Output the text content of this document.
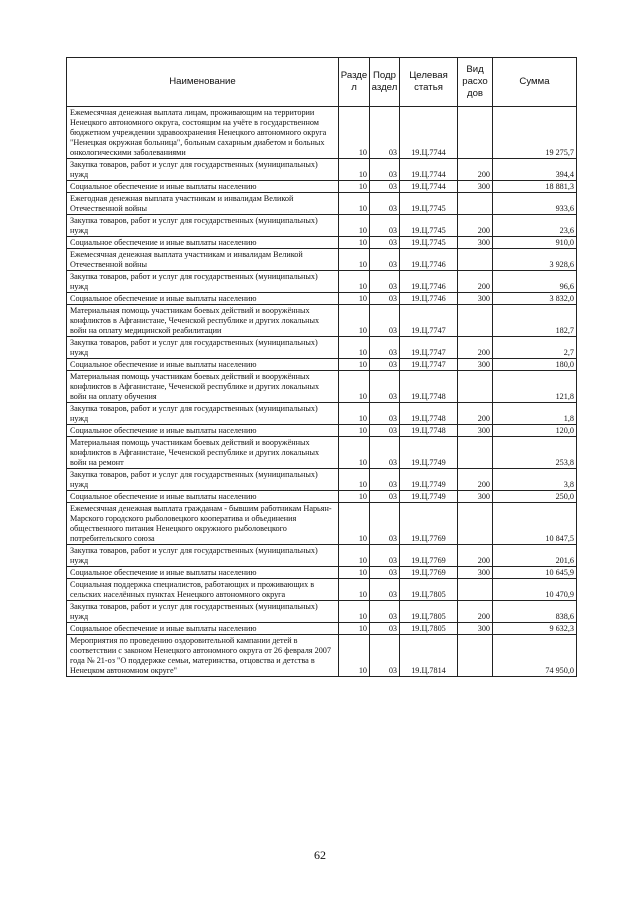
Наименование	Разде л	Подр аздел	Целевая статья	Вид расхо дов	Сумма
Ежемесячная денежная выплата лицам, проживающим на территории Ненецкого автономного округа, состоящим на учёте в государственном бюджетном учреждении здравоохранения Ненецкого автономного округа "Ненецкая окружная больница", больным сахарным диабетом и больных онкологическими заболеваниями	10	03	19.Ц.7744		19 275,7
Закупка товаров, работ и услуг для государственных (муниципальных) нужд	10	03	19.Ц.7744	200	394,4
Социальное обеспечение и иные выплаты населению	10	03	19.Ц.7744	300	18 881,3
Ежегодная денежная выплата участникам и инвалидам Великой Отечественной войны	10	03	19.Ц.7745		933,6
Закупка товаров, работ и услуг для государственных (муниципальных) нужд	10	03	19.Ц.7745	200	23,6
Социальное обеспечение и иные выплаты населению	10	03	19.Ц.7745	300	910,0
Ежемесячная денежная выплата участникам и инвалидам Великой Отечественной войны	10	03	19.Ц.7746		3 928,6
Закупка товаров, работ и услуг для государственных (муниципальных) нужд	10	03	19.Ц.7746	200	96,6
Социальное обеспечение и иные выплаты населению	10	03	19.Ц.7746	300	3 832,0
Материальная помощь участникам боевых действий и вооружённых конфликтов в Афганистане, Чеченской республике и других локальных войн на оплату медицинской реабилитации	10	03	19.Ц.7747		182,7
Закупка товаров, работ и услуг для государственных (муниципальных) нужд	10	03	19.Ц.7747	200	2,7
Социальное обеспечение и иные выплаты населению	10	03	19.Ц.7747	300	180,0
Материальная помощь участникам боевых действий и вооружённых конфликтов в Афганистане, Чеченской республике и других локальных войн на оплату обучения	10	03	19.Ц.7748		121,8
Закупка товаров, работ и услуг для государственных (муниципальных) нужд	10	03	19.Ц.7748	200	1,8
Социальное обеспечение и иные выплаты населению	10	03	19.Ц.7748	300	120,0
Материальная помощь участникам боевых действий и вооружённых конфликтов в Афганистане, Чеченской республике и других локальных войн на ремонт	10	03	19.Ц.7749		253,8
Закупка товаров, работ и услуг для государственных (муниципальных) нужд	10	03	19.Ц.7749	200	3,8
Социальное обеспечение и иные выплаты населению	10	03	19.Ц.7749	300	250,0
Ежемесячная денежная выплата гражданам - бывшим работникам Нарьян-Марского городского рыболовецкого кооператива и объединения общественного питания Ненецкого окружного рыболовецкого потребительского союза	10	03	19.Ц.7769		10 847,5
Закупка товаров, работ и услуг для государственных (муниципальных) нужд	10	03	19.Ц.7769	200	201,6
Социальное обеспечение и иные выплаты населению	10	03	19.Ц.7769	300	10 645,9
Социальная поддержка специалистов, работающих и проживающих в сельских населённых пунктах Ненецкого автономного округа	10	03	19.Ц.7805		10 470,9
Закупка товаров, работ и услуг для государственных (муниципальных) нужд	10	03	19.Ц.7805	200	838,6
Социальное обеспечение и иные выплаты населению	10	03	19.Ц.7805	300	9 632,3
Мероприятия по проведению оздоровительной кампании детей в соответствии с законом Ненецкого автономного округа от 26 февраля 2007 года № 21-оз "О поддержке семьи, материнства, отцовства и детства в Ненецком автономном округе"	10	03	19.Ц.7814		74 950,0
62
